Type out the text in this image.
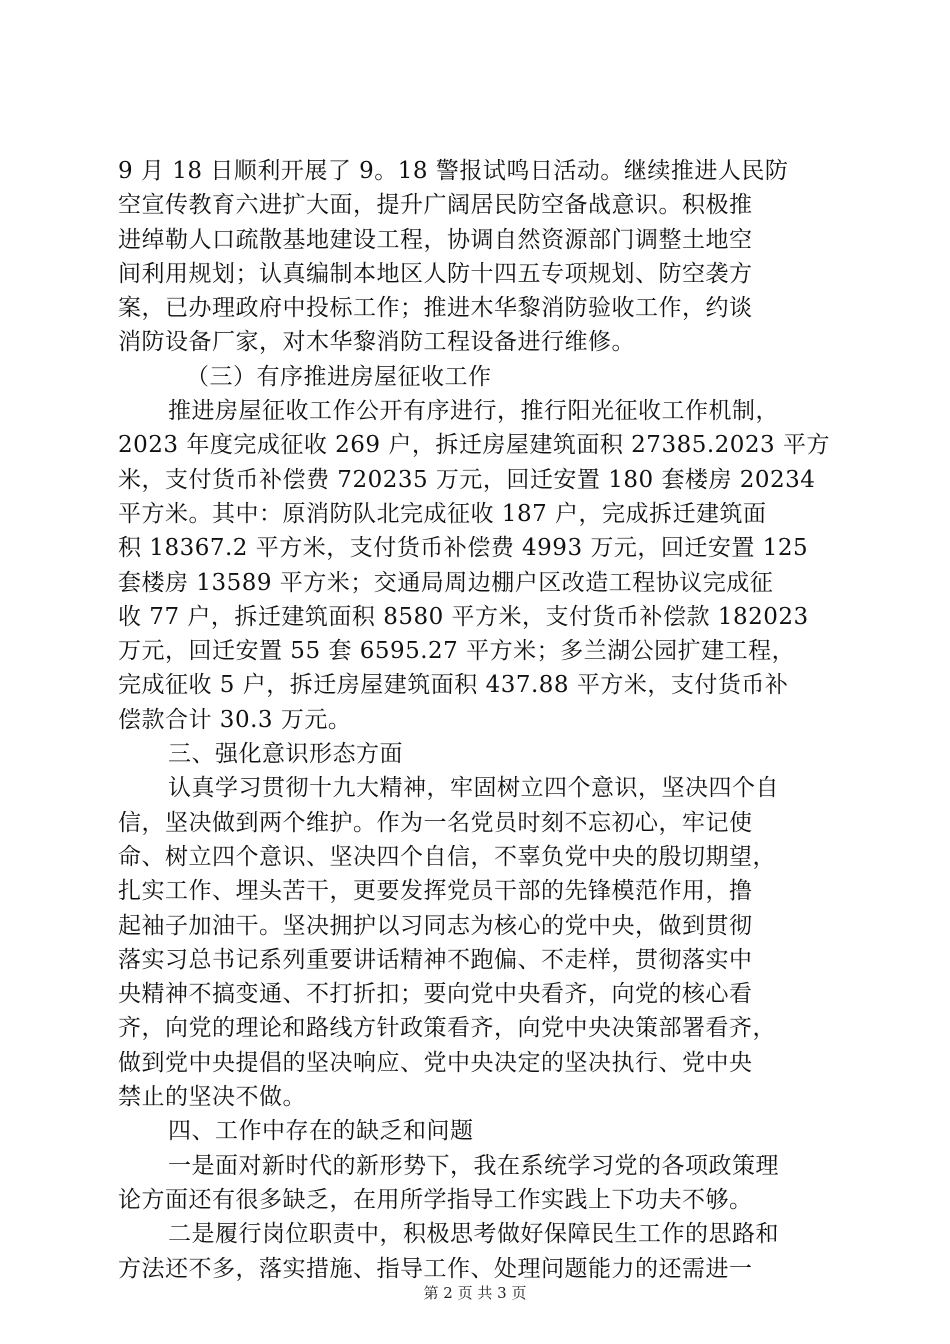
9 月 18 日顺利开展了 9。18 警报试鸣日活动。继续推进人民防
空宣传教育六进扩大面，提升广阔居民防空备战意识。积极推
进绰勒人口疏散基地建设工程，协调自然资源部门调整土地空
间利用规划；认真编制本地区人防十四五专项规划、防空袭方
案，已办理政府中投标工作；推进木华黎消防验收工作，约谈
消防设备厂家，对木华黎消防工程设备进行维修。
（三）有序推进房屋征收工作
推进房屋征收工作公开有序进行，推行阳光征收工作机制，
2023 年度完成征收 269 户，拆迁房屋建筑面积 27385.2023 平方
米，支付货币补偿费 720235 万元，回迁安置 180 套楼房 20234
平方米。其中：原消防队北完成征收 187 户，完成拆迁建筑面
积 18367.2 平方米，支付货币补偿费 4993 万元，回迁安置 125
套楼房 13589 平方米；交通局周边棚户区改造工程协议完成征
收 77 户，拆迁建筑面积 8580 平方米，支付货币补偿款 182023
万元，回迁安置 55 套 6595.27 平方米；多兰湖公园扩建工程，
完成征收 5 户，拆迁房屋建筑面积 437.88 平方米，支付货币补
偿款合计 30.3 万元。
三、强化意识形态方面
认真学习贯彻十九大精神，牢固树立四个意识，坚决四个自
信，坚决做到两个维护。作为一名党员时刻不忘初心，牢记使
命、树立四个意识、坚决四个自信，不辜负党中央的殷切期望，
扎实工作、埋头苦干，更要发挥党员干部的先锋模范作用，撸
起袖子加油干。坚决拥护以习同志为核心的党中央，做到贯彻
落实习总书记系列重要讲话精神不跑偏、不走样，贯彻落实中
央精神不搞变通、不打折扣；要向党中央看齐，向党的核心看
齐，向党的理论和路线方针政策看齐，向党中央决策部署看齐，
做到党中央提倡的坚决响应、党中央决定的坚决执行、党中央
禁止的坚决不做。
四、工作中存在的缺乏和问题
一是面对新时代的新形势下，我在系统学习党的各项政策理
论方面还有很多缺乏，在用所学指导工作实践上下功夫不够。
二是履行岗位职责中，积极思考做好保障民生工作的思路和
方法还不多，落实措施、指导工作、处理问题能力的还需进一
第 2 页 共 3 页
